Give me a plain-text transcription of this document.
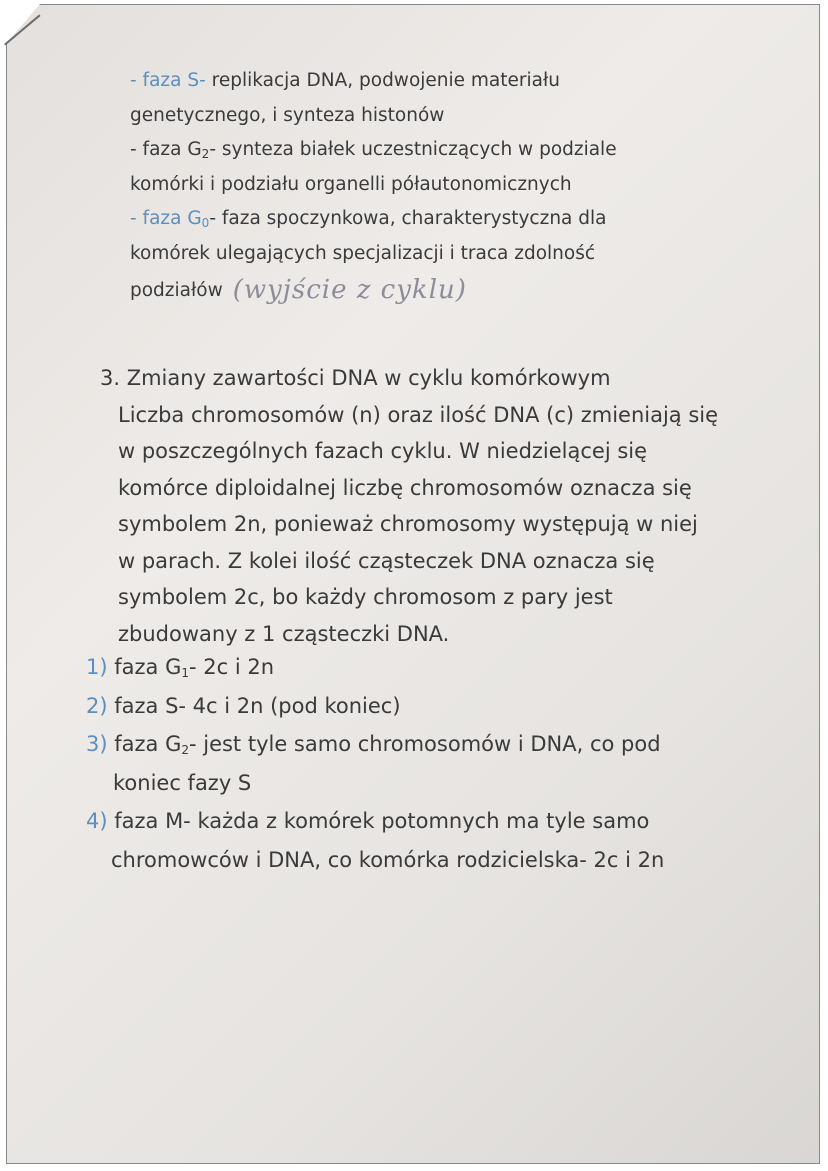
- faza S- replikacja DNA, podwojenie materiału
genetycznego, i synteza histonów
- faza $G_2-$ synteza białek uczestniczących w podziale
komórki i podziału organelli półautonomicznych
- faza $G_0-$ faza spoczynkowa, charakterystyczna dla
komórek ulegających specjalizacji i traca zdolność
podziałów (wyjście z cyklu)
3. Zmiany zawartości DNA w cyklu komórkowym
Liczba chromosomów (n) oraz ilość DNA (c) zmieniają się
w poszczególnych fazach cyklu. W niedzielącej się
komórce diploidalnej liczbę chromosomów oznacza się
symbolem 2n, ponieważ chromosomy występują w niej
w parach. Z kolei ilość cząsteczek DNA oznacza się
symbolem 2c, bo każdy chromosom z pary jest
zbudowany z 1 cząsteczki DNA.
1) faza $G_1-$ 2c i 2n
2) faza S- 4c i 2n (pod koniec)
3) faza $G_2-$ jest tyle samo chromosomów i DNA, co pod
koniec fazy S
4) faza M- każda z komórek potomnych ma tyle samo
chromowców i DNA, co komórka rodzicielska- 2c i 2n
